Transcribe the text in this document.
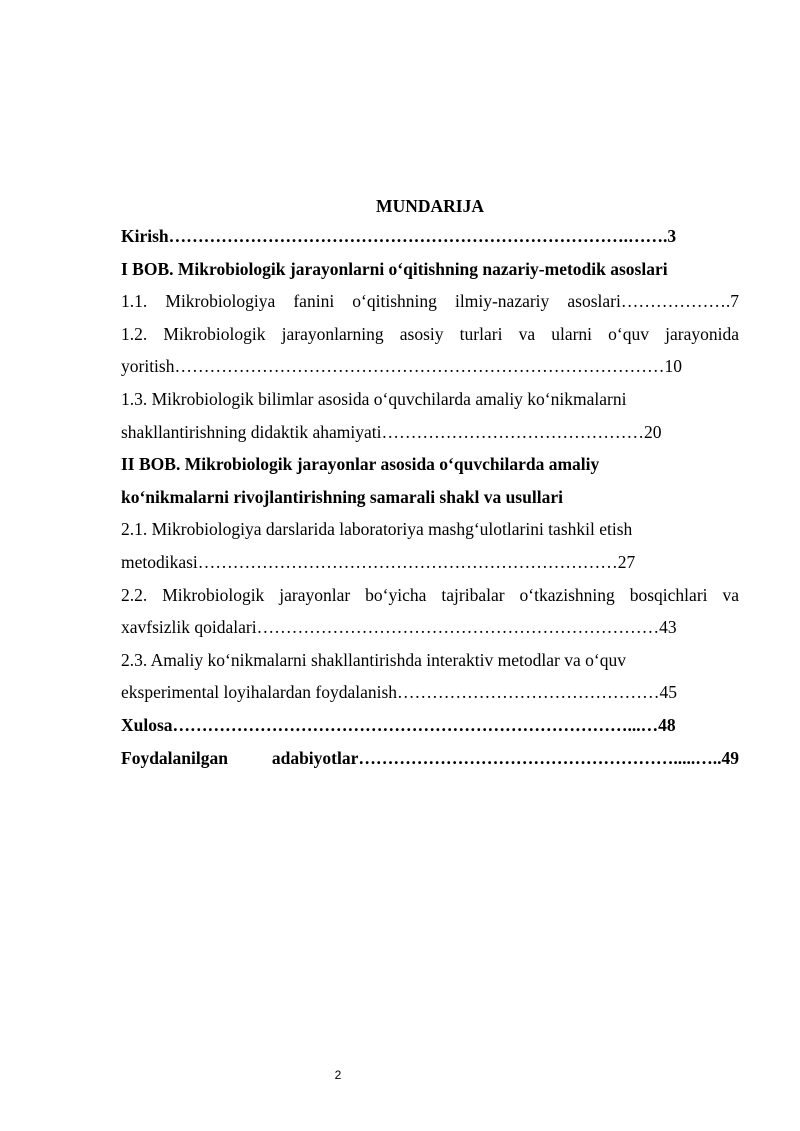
MUNDARIJA
Kirish…………………………………………………………………….…….3
I BOB. Mikrobiologik jarayonlarni o‘qitishning nazariy-metodik asoslari
1.1. Mikrobiologiya fanini o‘qitishning ilmiy-nazariy asoslari……………….7
1.2. Mikrobiologik jarayonlarning asosiy turlari va ularni o‘quv jarayonida
yoritish…………………………………………………………………………10
1.3. Mikrobiologik bilimlar asosida o‘quvchilarda amaliy ko‘nikmalarni
shakllantirishning didaktik ahamiyati………………………………………20
II BOB. Mikrobiologik jarayonlar asosida o‘quvchilarda amaliy
ko‘nikmalarni rivojlantirishning samarali shakl va usullari
2.1. Mikrobiologiya darslarida laboratoriya mashg‘ulotlarini tashkil etish
metodikasi………………………………………………………………27
2.2. Mikrobiologik jarayonlar bo‘yicha tajribalar o‘tkazishning bosqichlari va
xavfsizlik qoidalari……………………………………………………………43
2.3. Amaliy ko‘nikmalarni shakllantirishda interaktiv metodlar va o‘quv
eksperimental loyihalardan foydalanish………………………………………45
Xulosa……………………………………………………………………...…48
Foydalanilgan adabiyotlar……………………………………………….....…..49
2
